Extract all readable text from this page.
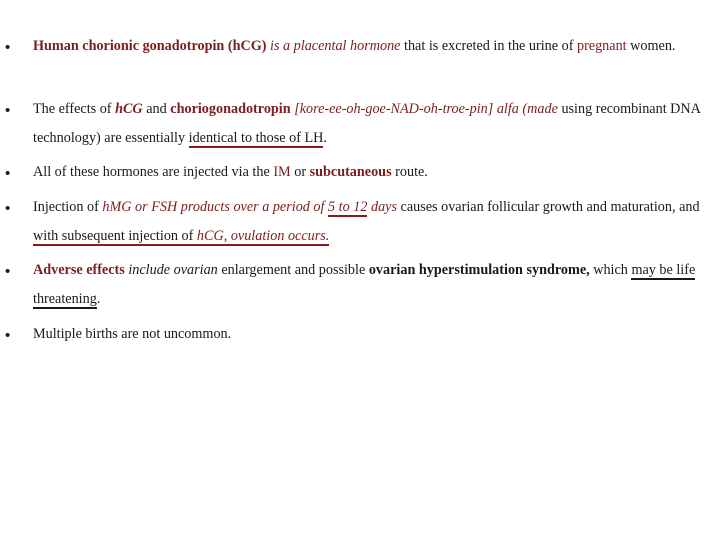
• Human chorionic gonadotropin (hCG) is a placental hormone that is excreted in the urine of pregnant women.

• The effects of hCG and choriogonadotropin [kore-ee-oh-goe-NAD-oh-troe-pin] alfa (made using recombinant DNA technology) are essentially identical to those of LH.

• All of these hormones are injected via the IM or subcutaneous route.

• Injection of hMG or FSH products over a period of 5 to 12 days causes ovarian follicular growth and maturation, and with subsequent injection of hCG, ovulation occurs.

• Adverse effects include ovarian enlargement and possible ovarian hyperstimulation syndrome, which may be life threatening.

• Multiple births are not uncommon.
